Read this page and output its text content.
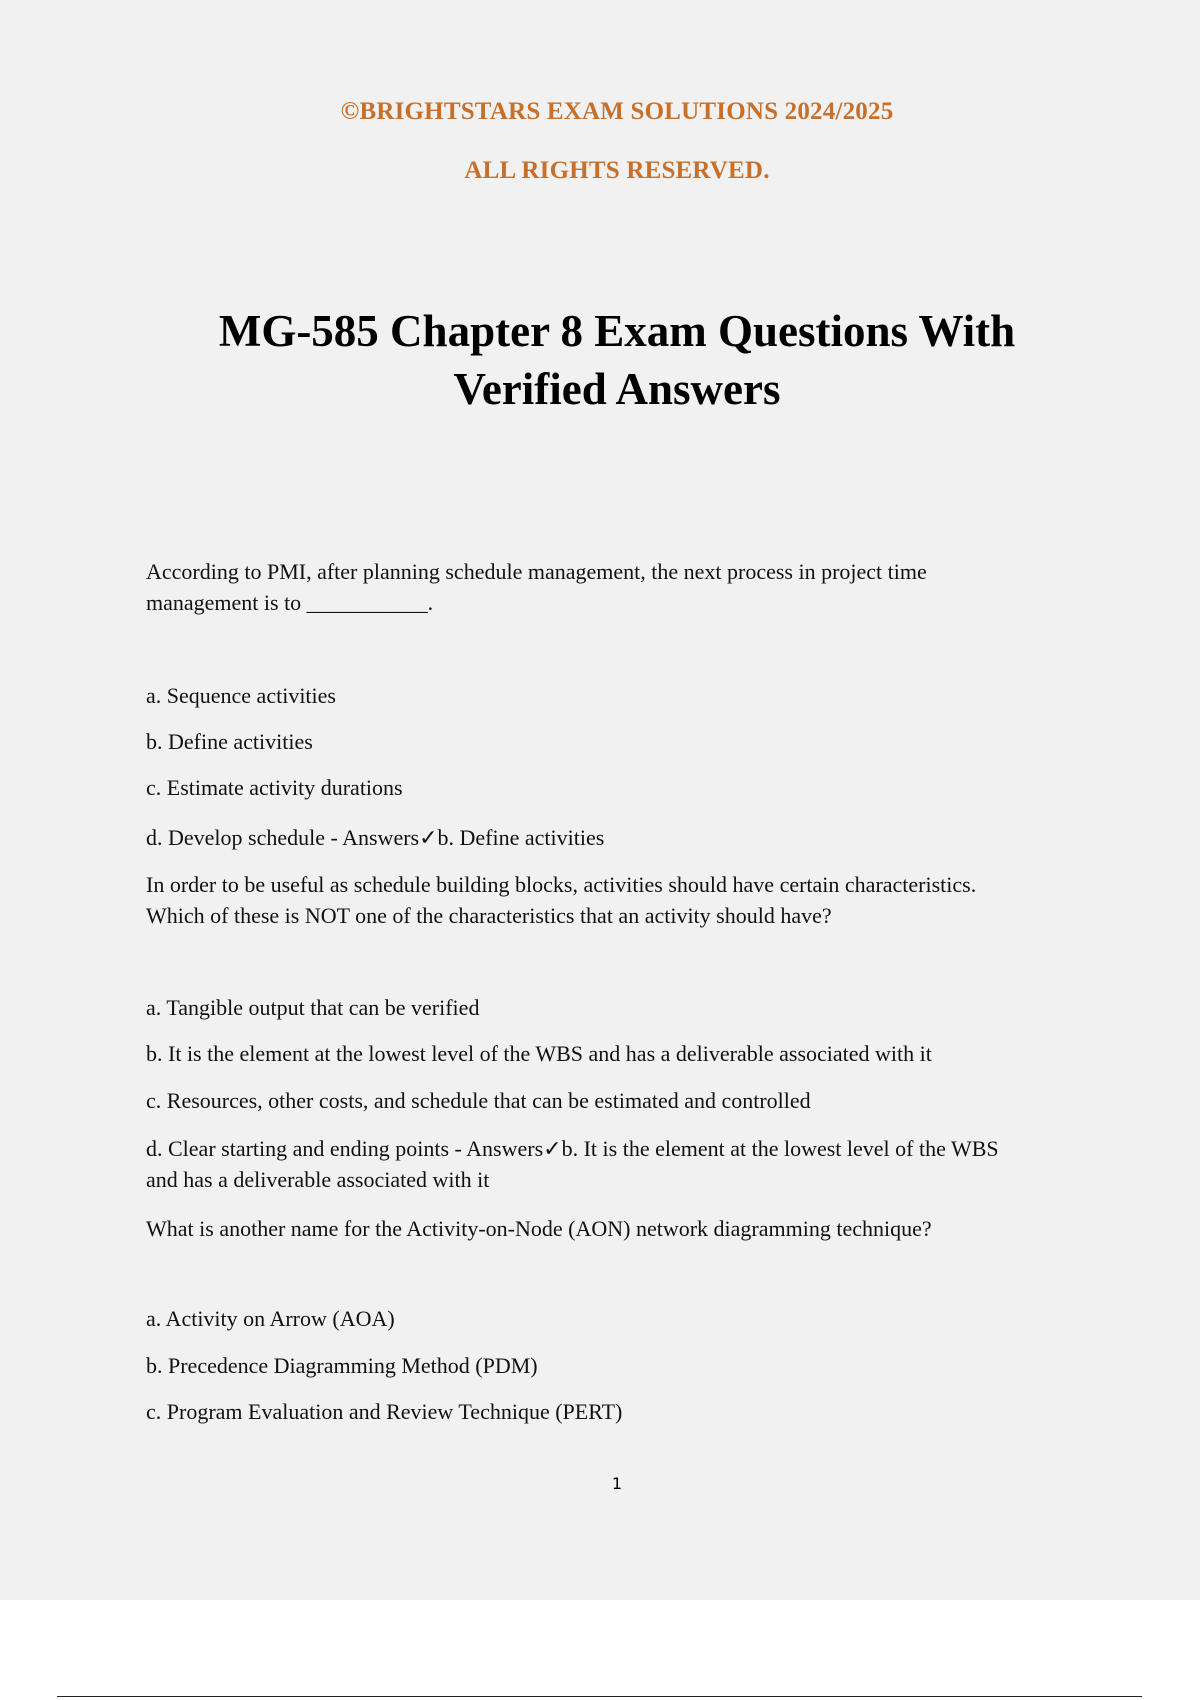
©BRIGHTSTARS EXAM SOLUTIONS 2024/2025
ALL RIGHTS RESERVED.
MG-585 Chapter 8 Exam Questions With
Verified Answers
According to PMI, after planning schedule management, the next process in project time
management is to ___________.
a. Sequence activities
b. Define activities
c. Estimate activity durations
d. Develop schedule - Answers✓b. Define activities
In order to be useful as schedule building blocks, activities should have certain characteristics.
Which of these is NOT one of the characteristics that an activity should have?
a. Tangible output that can be verified
b. It is the element at the lowest level of the WBS and has a deliverable associated with it
c. Resources, other costs, and schedule that can be estimated and controlled
d. Clear starting and ending points - Answers✓b. It is the element at the lowest level of the WBS
and has a deliverable associated with it
What is another name for the Activity-on-Node (AON) network diagramming technique?
a. Activity on Arrow (AOA)
b. Precedence Diagramming Method (PDM)
c. Program Evaluation and Review Technique (PERT)
1
